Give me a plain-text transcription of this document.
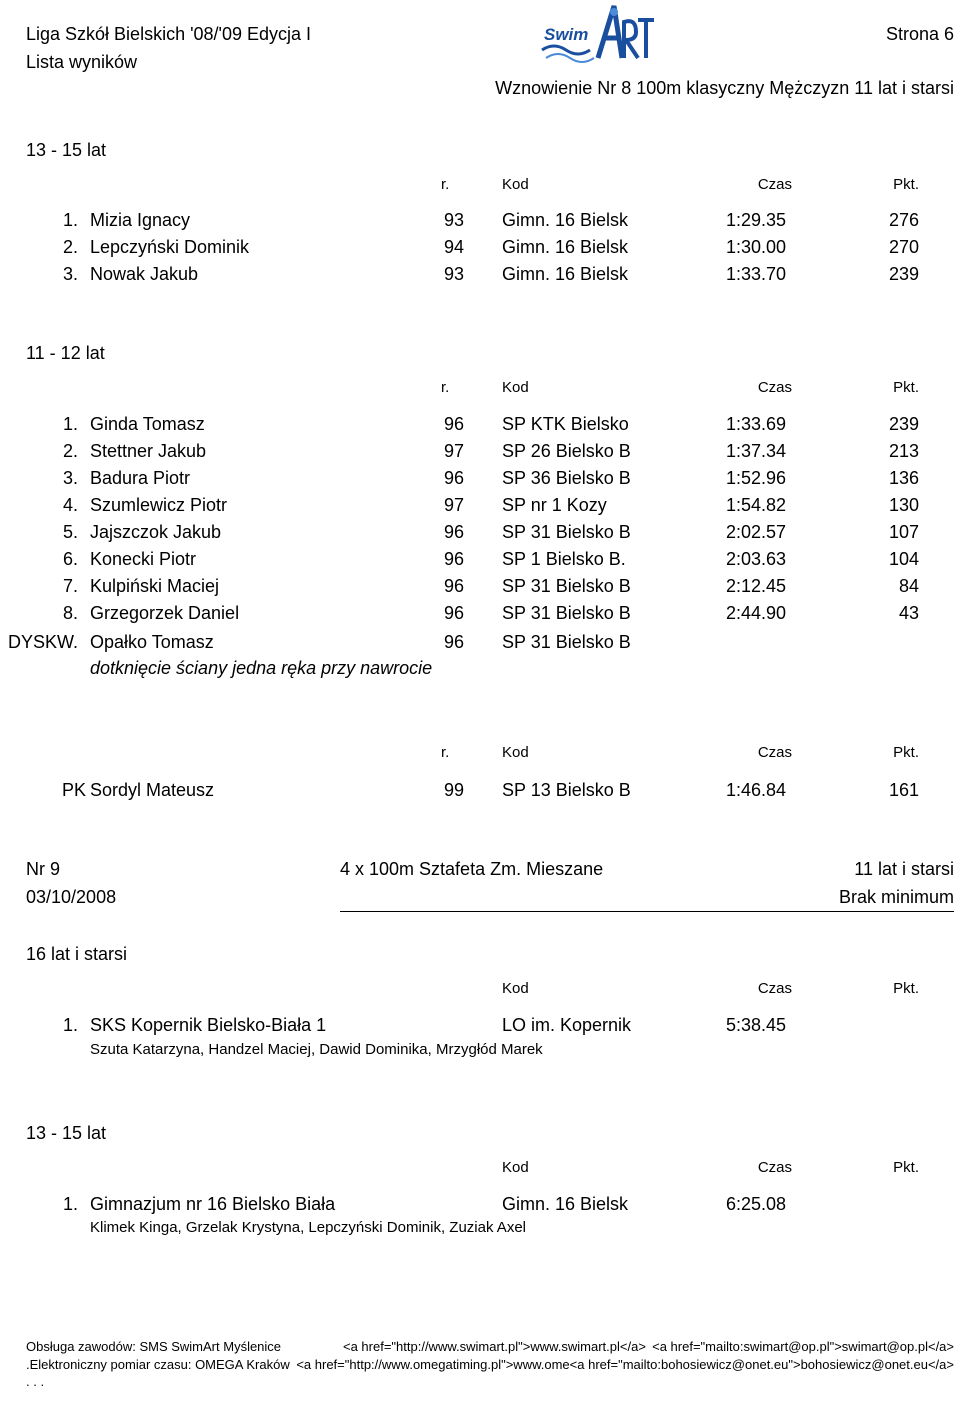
Liga Szkół Bielskich '08/'09 Edycja I
Lista wyników
Strona 6
Wznowienie Nr 8 100m klasyczny Mężczyzn 11 lat i starsi
Swim
13 - 15 lat
r.	Kod	Czas	Pkt.
1. Mizia Ignacy	93 Gimn. 16 Bielsk	1:29.35	276
2. Lepczyński Dominik	94 Gimn. 16 Bielsk	1:30.00	270
3. Nowak Jakub	93 Gimn. 16 Bielsk	1:33.70	239
11 - 12 lat
r.	Kod	Czas	Pkt.
1. Ginda Tomasz	96 SP KTK Bielsko	1:33.69	239
2. Stettner Jakub	97 SP 26 Bielsko B	1:37.34	213
3. Badura Piotr	96 SP 36 Bielsko B	1:52.96	136
4. Szumlewicz Piotr	97 SP nr 1 Kozy	1:54.82	130
5. Jajszczok Jakub	96 SP 31 Bielsko B	2:02.57	107
6. Konecki Piotr	96 SP 1 Bielsko B.	2:03.63	104
7. Kulpiński Maciej	96 SP 31 Bielsko B	2:12.45	84
8. Grzegorzek Daniel	96 SP 31 Bielsko B	2:44.90	43
DYSKW. Opałko Tomasz	96 SP 31 Bielsko B
dotknięcie ściany jedna ręka przy nawrocie
r.	Kod	Czas	Pkt.
PK Sordyl Mateusz	99 SP 13 Bielsko B	1:46.84	161
Nr 9	4 x 100m Sztafeta Zm. Mieszane	11 lat i starsi
03/10/2008	Brak minimum
16 lat i starsi
Kod	Czas	Pkt.
1. SKS Kopernik Bielsko-Biała 1	LO im. Kopernik	5:38.45
Szuta Katarzyna, Handzel Maciej, Dawid Dominika, Mrzygłód Marek
13 - 15 lat
Kod	Czas	Pkt.
1. Gimnazjum nr 16 Bielsko Biała	Gimn. 16 Bielsk	6:25.08
Klimek Kinga, Grzelak Krystyna, Lepczyński Dominik, Zuziak Axel
Obsługa zawodów: SMS SwimArt Myślenice	<a href="http://www.swimart.pl">www.swimart.pl</a> <a href="mailto:swimart@op.pl">swimart@op.pl</a>
.Elektroniczny pomiar czasu: OMEGA Kraków <a href="http://www.omegatiming.pl">www.ome<a href="mailto:bohosiewicz@onet.eu">bohosiewicz@onet.eu</a>
. . .
